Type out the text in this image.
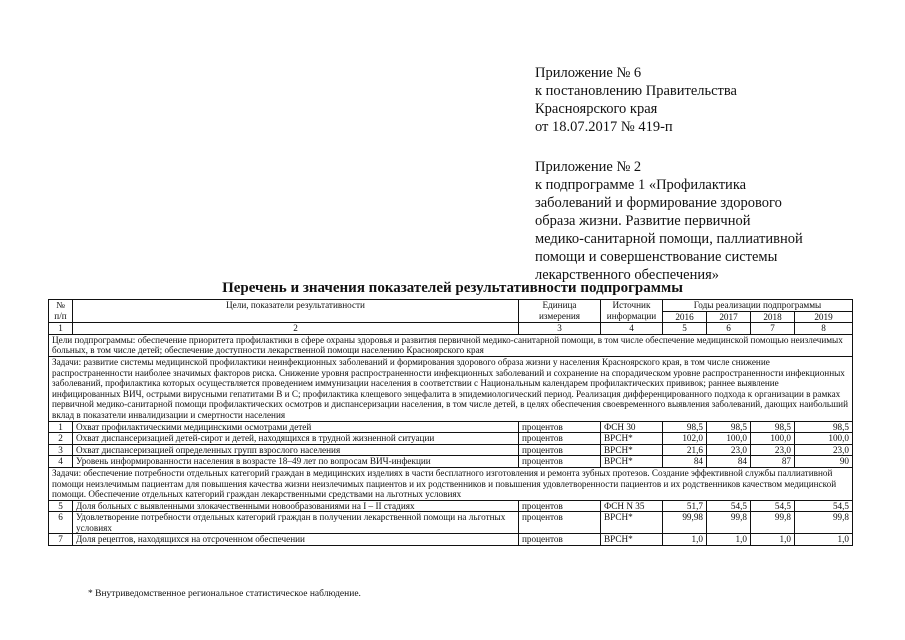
Приложение № 6

к постановлению Правительства

Красноярского края

от 18.07.2017 № 419-п

Приложение № 2

к подпрограмме 1 «Профилактика

заболеваний и формирование здорового

образа жизни. Развитие первичной

медико-санитарной помощи, паллиативной

помощи и совершенствование системы

лекарственного обеспечения»

Перечень и значения показателей результативности подпрограммы
№ п/п	Цели, показатели результативности	Единица измерения	Источник информации	Годы реализации подпрограммы			
				2016	2017	2018	2019
1	2	3	4	5	6	7	8
Цели подпрограммы: обеспечение приоритета профилактики в сфере охраны здоровья и развития первичной медико-санитарной помощи, в том числе обеспечение медицинской помощью неизлечимых больных, в том числе детей; обеспечение доступности лекарственной помощи населению Красноярского края							
Задачи: развитие системы медицинской профилактики неинфекционных заболеваний и формирования здорового образа жизни у населения Красноярского края, в том числе снижение распространенности наиболее значимых факторов риска. Снижение уровня распространенности инфекционных заболеваний и сохранение на спорадическом уровне распространенности инфекционных заболеваний, профилактика которых осуществляется проведением иммунизации населения в соответствии с Национальным календарем профилактических прививок; раннее выявление инфицированных ВИЧ, острыми вирусными гепатитами В и С; профилактика клещевого энцефалита в эпидемиологический период. Реализация дифференцированного подхода к организации в рамках первичной медико-санитарной помощи профилактических осмотров и диспансеризации населения, в том числе детей, в целях обеспечения своевременного выявления заболеваний, дающих наибольший вклад в показатели инвалидизации и смертности населения							
1	Охват профилактическими медицинскими осмотрами детей	процентов	ФСН 30	98,5	98,5	98,5	98,5
2	Охват диспансеризацией детей-сирот и детей, находящихся в трудной жизненной ситуации	процентов	ВРСН*	102,0	100,0	100,0	100,0
3	Охват диспансеризацией определенных групп взрослого населения	процентов	ВРСН*	21,6	23,0	23,0	23,0
4	Уровень информированности населения в возрасте 18–49 лет по вопросам ВИЧ-инфекции	процентов	ВРСН*	84	84	87	90
Задачи: обеспечение потребности отдельных категорий граждан в медицинских изделиях в части бесплатного изготовления и ремонта зубных протезов. Создание эффективной службы паллиативной помощи неизлечимым пациентам для повышения качества жизни неизлечимых пациентов и их родственников и повышения удовлетворенности пациентов и их родственников качеством медицинской помощи. Обеспечение отдельных категорий граждан лекарственными средствами на льготных условиях							
5	Доля больных с выявленными злокачественными новообразованиями на I – II стадиях	процентов	ФСН N 35	51,7	54,5	54,5	54,5
6	Удовлетворение потребности отдельных категорий граждан в получении лекарственной помощи на льготных условиях	процентов	ВРСН*	99,98	99,8	99,8	99,8
7	Доля рецептов, находящихся на отсроченном обеспечении	процентов	ВРСН*	1,0	1,0	1,0	1,0
* Внутриведомственное региональное статистическое наблюдение.
